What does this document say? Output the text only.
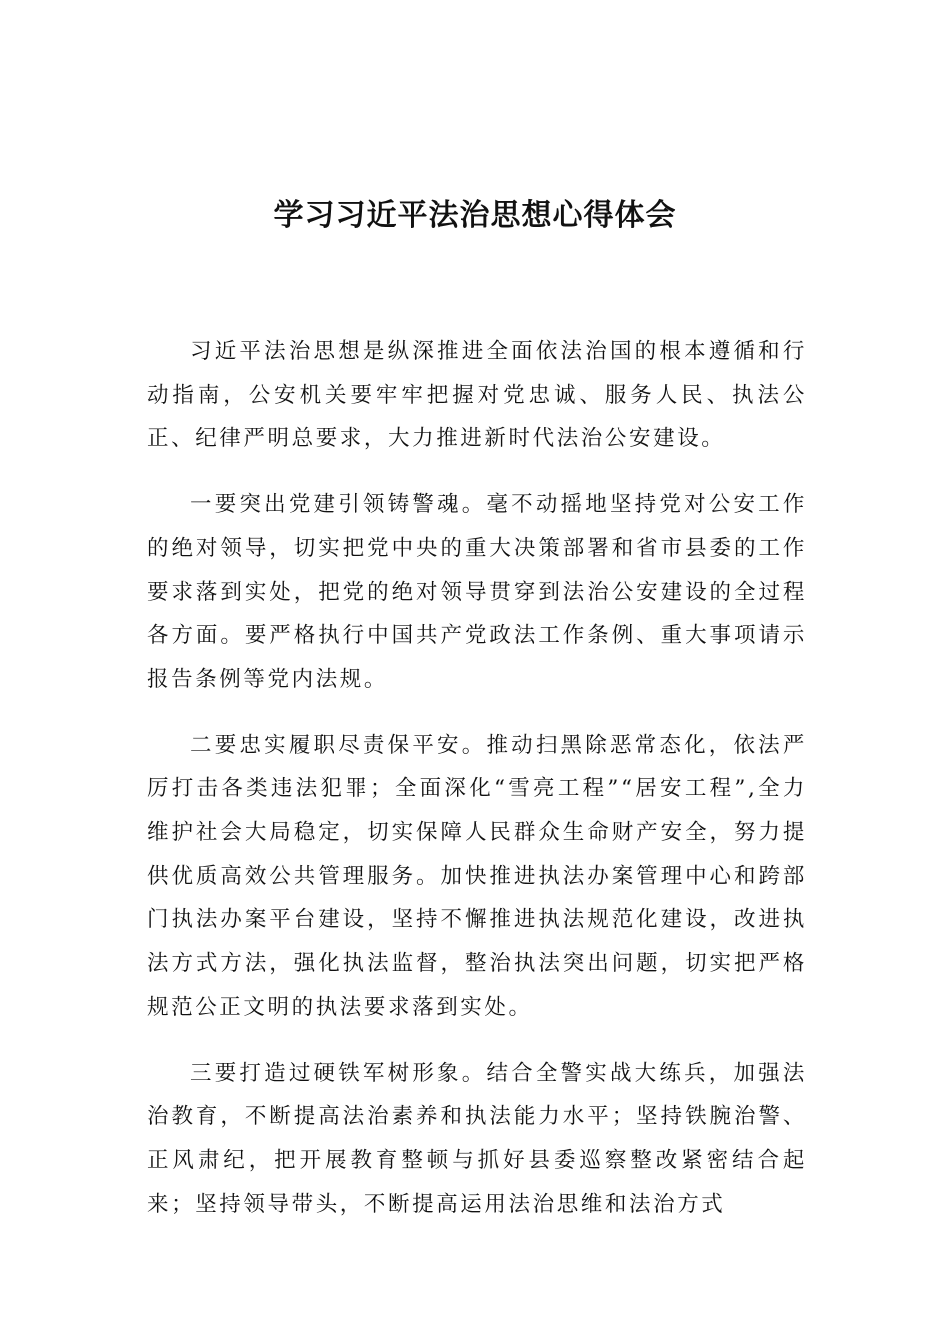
学习习近平法治思想心得体会

习近平法治思想是纵深推进全面依法治国的根本遵循和行动指南，公安机关要牢牢把握对党忠诚、服务人民、执法公正、纪律严明总要求，大力推进新时代法治公安建设。

一要突出党建引领铸警魂。毫不动摇地坚持党对公安工作的绝对领导，切实把党中央的重大决策部署和省市县委的工作要求落到实处，把党的绝对领导贯穿到法治公安建设的全过程各方面。要严格执行中国共产党政法工作条例、重大事项请示报告条例等党内法规。

二要忠实履职尽责保平安。推动扫黑除恶常态化，依法严厉打击各类违法犯罪；全面深化“雪亮工程”“居安工程”,全力维护社会大局稳定，切实保障人民群众生命财产安全，努力提供优质高效公共管理服务。加快推进执法办案管理中心和跨部门执法办案平台建设，坚持不懈推进执法规范化建设，改进执法方式方法，强化执法监督，整治执法突出问题，切实把严格规范公正文明的执法要求落到实处。

三要打造过硬铁军树形象。结合全警实战大练兵，加强法治教育，不断提高法治素养和执法能力水平；坚持铁腕治警、正风肃纪，把开展教育整顿与抓好县委巡察整改紧密结合起来；坚持领导带头，不断提高运用法治思维和法治方式
